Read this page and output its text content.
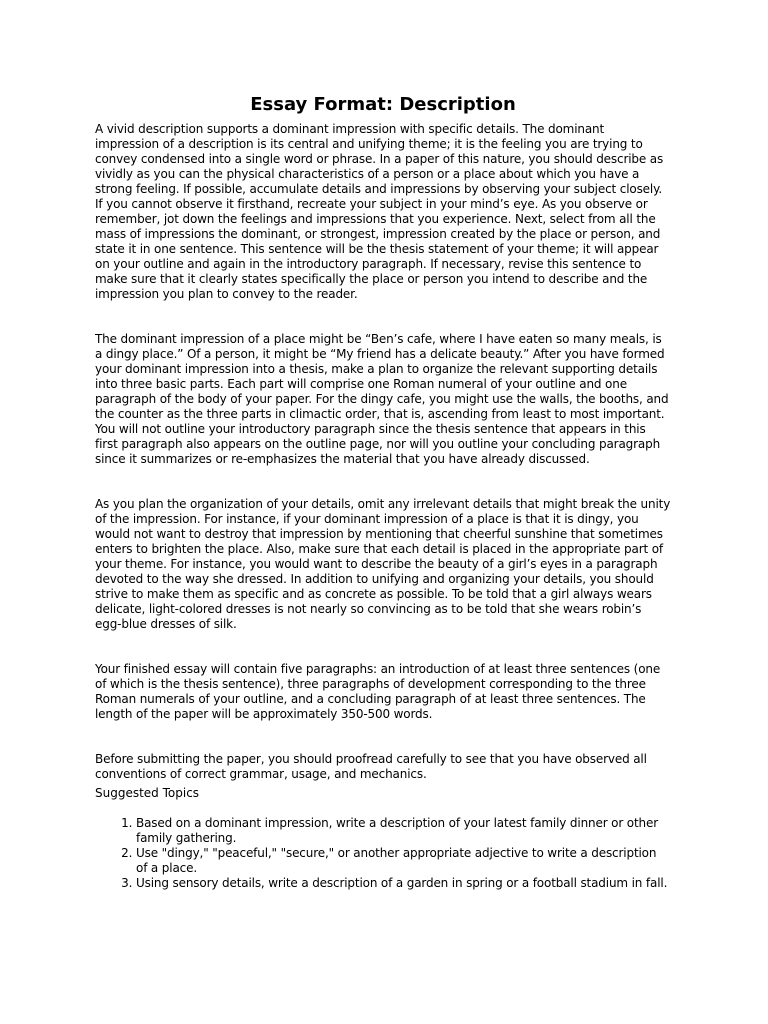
Essay Format: Description

A vivid description supports a dominant impression with specific details. The dominant impression of a description is its central and unifying theme; it is the feeling you are trying to convey condensed into a single word or phrase. In a paper of this nature, you should describe as vividly as you can the physical characteristics of a person or a place about which you have a strong feeling. If possible, accumulate details and impressions by observing your subject closely. If you cannot observe it firsthand, recreate your subject in your mind’s eye. As you observe or remember, jot down the feelings and impressions that you experience. Next, select from all the mass of impressions the dominant, or strongest, impression created by the place or person, and state it in one sentence. This sentence will be the thesis statement of your theme; it will appear on your outline and again in the introductory paragraph. If necessary, revise this sentence to make sure that it clearly states specifically the place or person you intend to describe and the impression you plan to convey to the reader.

The dominant impression of a place might be “Ben’s cafe, where I have eaten so many meals, is a dingy place.” Of a person, it might be “My friend has a delicate beauty.” After you have formed your dominant impression into a thesis, make a plan to organize the relevant supporting details into three basic parts. Each part will comprise one Roman numeral of your outline and one paragraph of the body of your paper. For the dingy cafe, you might use the walls, the booths, and the counter as the three parts in climactic order, that is, ascending from least to most important. You will not outline your introductory paragraph since the thesis sentence that appears in this first paragraph also appears on the outline page, nor will you outline your concluding paragraph since it summarizes or re-emphasizes the material that you have already discussed.

As you plan the organization of your details, omit any irrelevant details that might break the unity of the impression. For instance, if your dominant impression of a place is that it is dingy, you would not want to destroy that impression by mentioning that cheerful sunshine that sometimes enters to brighten the place. Also, make sure that each detail is placed in the appropriate part of your theme. For instance, you would want to describe the beauty of a girl’s eyes in a paragraph devoted to the way she dressed. In addition to unifying and organizing your details, you should strive to make them as specific and as concrete as possible. To be told that a girl always wears delicate, light-colored dresses is not nearly so convincing as to be told that she wears robin’s egg-blue dresses of silk.

Your finished essay will contain five paragraphs: an introduction of at least three sentences (one of which is the thesis sentence), three paragraphs of development corresponding to the three Roman numerals of your outline, and a concluding paragraph of at least three sentences. The length of the paper will be approximately 350-500 words.

Before submitting the paper, you should proofread carefully to see that you have observed all conventions of correct grammar, usage, and mechanics.

Suggested Topics

1. Based on a dominant impression, write a description of your latest family dinner or other family gathering.
2. Use "dingy," "peaceful," "secure," or another appropriate adjective to write a description of a place.
3. Using sensory details, write a description of a garden in spring or a football stadium in fall.
